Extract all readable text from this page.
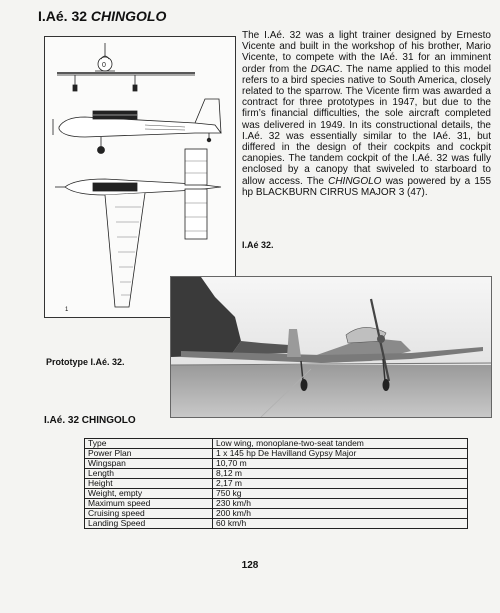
I.Aé. 32 CHINGOLO
0
1
The I.Aé. 32 was a light trainer designed by Ernesto Vicente and built in the workshop of his brother, Mario Vicente, to compete with the IAé. 31 for an imminent order from the DGAC. The name applied to this model refers to a bird species native to South America, closely related to the sparrow. The Vicente firm was awarded a contract for three prototypes in 1947, but due to the firm’s financial difficulties, the sole aircraft completed was delivered in 1949. In its constructional details, the I.Aé. 32 was essentially similar to the IAé. 31, but differed in the design of their cockpits and cockpit canopies. The tandem cockpit of the I.Aé. 32 was fully enclosed by a canopy that swiveled to starboard to allow access. The CHINGOLO was powered by a 155 hp BLACKBURN CIRRUS MAJOR 3 (47).
I.Aé 32.
Prototype I.Aé. 32.
I.Aé. 32 CHINGOLO
Type	Low wing, monoplane-two-seat tandem
Power Plan	1 x 145 hp De Havilland Gypsy Major
Wingspan	10,70 m
Length	8,12 m
Height	2,17 m
Weight, empty	750 kg
Maximum speed	230 km/h
Cruising speed	200 km/h
Landing Speed	60 km/h
128
